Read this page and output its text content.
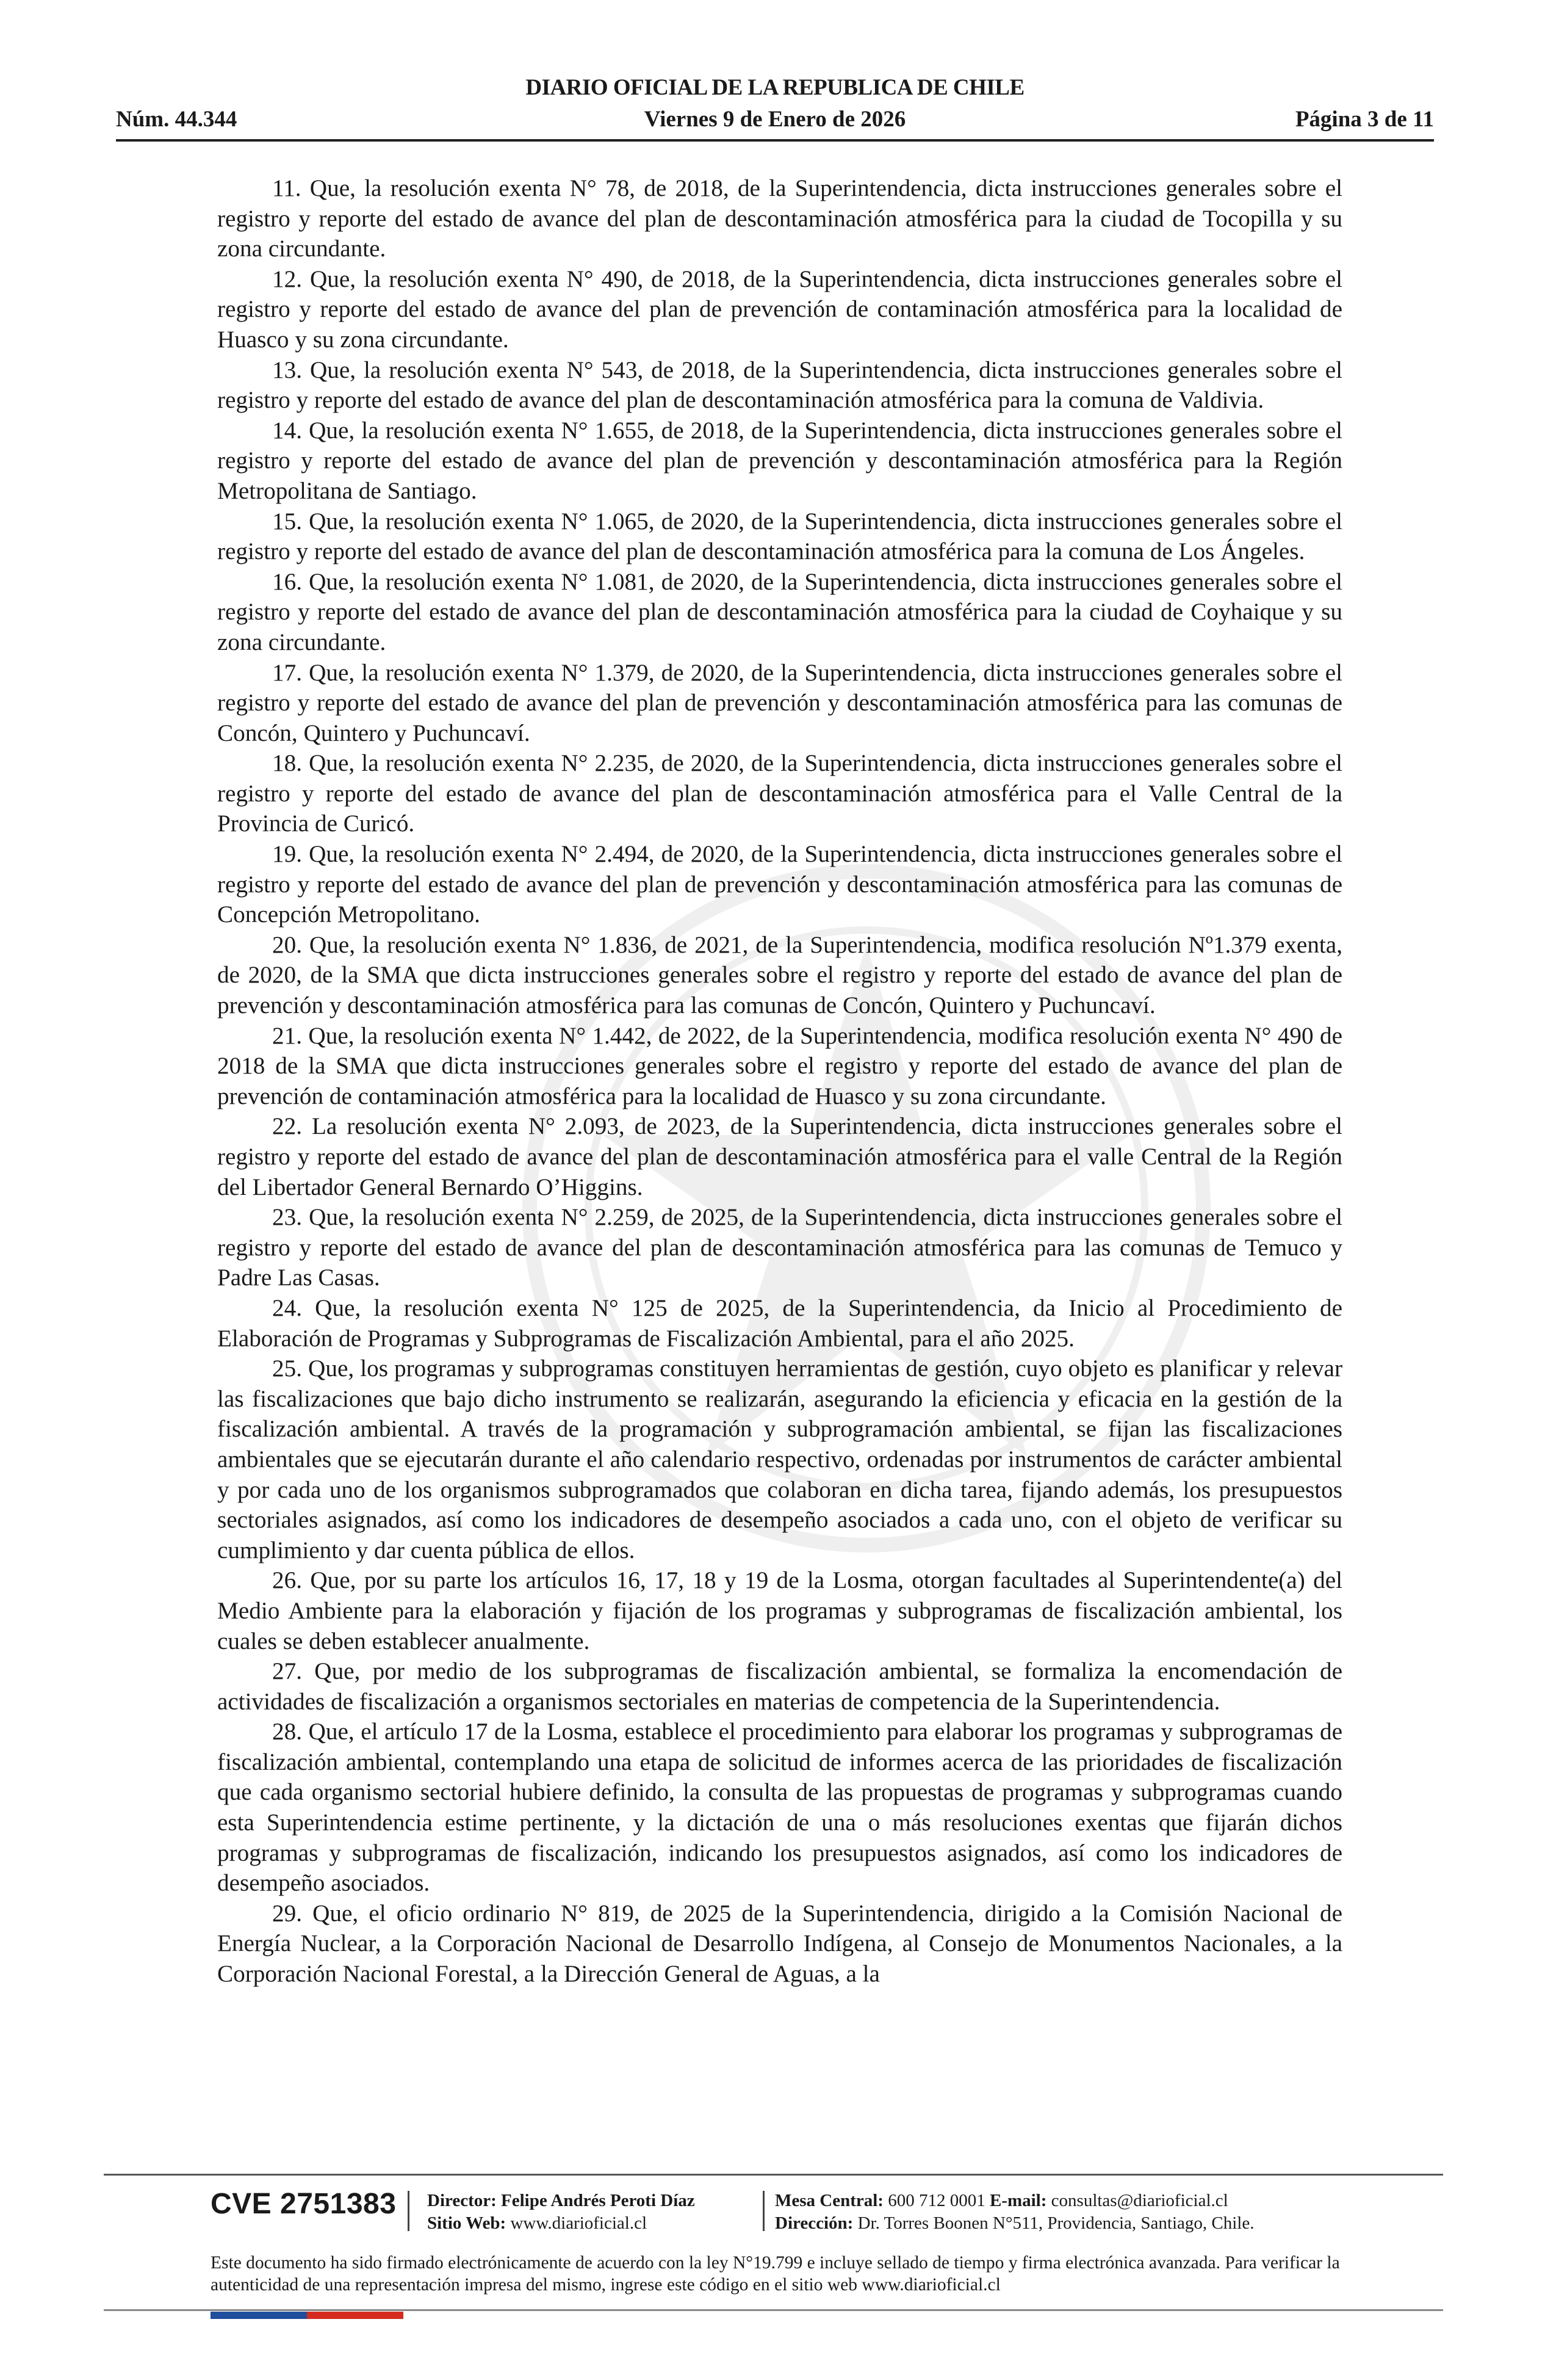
Núm. 44.344
DIARIO OFICIAL DE LA REPUBLICA DE CHILE
Viernes 9 de Enero de 2026	Página 3 de 11

11. Que, la resolución exenta N° 78, de 2018, de la Superintendencia, dicta instrucciones generales sobre el registro y reporte del estado de avance del plan de descontaminación atmosférica para la ciudad de Tocopilla y su zona circundante.

12. Que, la resolución exenta N° 490, de 2018, de la Superintendencia, dicta instrucciones generales sobre el registro y reporte del estado de avance del plan de prevención de contaminación atmosférica para la localidad de Huasco y su zona circundante.

13. Que, la resolución exenta N° 543, de 2018, de la Superintendencia, dicta instrucciones generales sobre el registro y reporte del estado de avance del plan de descontaminación atmosférica para la comuna de Valdivia.

14. Que, la resolución exenta N° 1.655, de 2018, de la Superintendencia, dicta instrucciones generales sobre el registro y reporte del estado de avance del plan de prevención y descontaminación atmosférica para la Región Metropolitana de Santiago.

15. Que, la resolución exenta N° 1.065, de 2020, de la Superintendencia, dicta instrucciones generales sobre el registro y reporte del estado de avance del plan de descontaminación atmosférica para la comuna de Los Ángeles.

16. Que, la resolución exenta N° 1.081, de 2020, de la Superintendencia, dicta instrucciones generales sobre el registro y reporte del estado de avance del plan de descontaminación atmosférica para la ciudad de Coyhaique y su zona circundante.

17. Que, la resolución exenta N° 1.379, de 2020, de la Superintendencia, dicta instrucciones generales sobre el registro y reporte del estado de avance del plan de prevención y descontaminación atmosférica para las comunas de Concón, Quintero y Puchuncaví.

18. Que, la resolución exenta N° 2.235, de 2020, de la Superintendencia, dicta instrucciones generales sobre el registro y reporte del estado de avance del plan de descontaminación atmosférica para el Valle Central de la Provincia de Curicó.

19. Que, la resolución exenta N° 2.494, de 2020, de la Superintendencia, dicta instrucciones generales sobre el registro y reporte del estado de avance del plan de prevención y descontaminación atmosférica para las comunas de Concepción Metropolitano.

20. Que, la resolución exenta N° 1.836, de 2021, de la Superintendencia, modifica resolución Nº1.379 exenta, de 2020, de la SMA que dicta instrucciones generales sobre el registro y reporte del estado de avance del plan de prevención y descontaminación atmosférica para las comunas de Concón, Quintero y Puchuncaví.

21. Que, la resolución exenta N° 1.442, de 2022, de la Superintendencia, modifica resolución exenta N° 490 de 2018 de la SMA que dicta instrucciones generales sobre el registro y reporte del estado de avance del plan de prevención de contaminación atmosférica para la localidad de Huasco y su zona circundante.

22. La resolución exenta N° 2.093, de 2023, de la Superintendencia, dicta instrucciones generales sobre el registro y reporte del estado de avance del plan de descontaminación atmosférica para el valle Central de la Región del Libertador General Bernardo O’Higgins.

23. Que, la resolución exenta N° 2.259, de 2025, de la Superintendencia, dicta instrucciones generales sobre el registro y reporte del estado de avance del plan de descontaminación atmosférica para las comunas de Temuco y Padre Las Casas.

24. Que, la resolución exenta N° 125 de 2025, de la Superintendencia, da Inicio al Procedimiento de Elaboración de Programas y Subprogramas de Fiscalización Ambiental, para el año 2025.

25. Que, los programas y subprogramas constituyen herramientas de gestión, cuyo objeto es planificar y relevar las fiscalizaciones que bajo dicho instrumento se realizarán, asegurando la eficiencia y eficacia en la gestión de la fiscalización ambiental. A través de la programación y subprogramación ambiental, se fijan las fiscalizaciones ambientales que se ejecutarán durante el año calendario respectivo, ordenadas por instrumentos de carácter ambiental y por cada uno de los organismos subprogramados que colaboran en dicha tarea, fijando además, los presupuestos sectoriales asignados, así como los indicadores de desempeño asociados a cada uno, con el objeto de verificar su cumplimiento y dar cuenta pública de ellos.

26. Que, por su parte los artículos 16, 17, 18 y 19 de la Losma, otorgan facultades al Superintendente(a) del Medio Ambiente para la elaboración y fijación de los programas y subprogramas de fiscalización ambiental, los cuales se deben establecer anualmente.

27. Que, por medio de los subprogramas de fiscalización ambiental, se formaliza la encomendación de actividades de fiscalización a organismos sectoriales en materias de competencia de la Superintendencia.

28. Que, el artículo 17 de la Losma, establece el procedimiento para elaborar los programas y subprogramas de fiscalización ambiental, contemplando una etapa de solicitud de informes acerca de las prioridades de fiscalización que cada organismo sectorial hubiere definido, la consulta de las propuestas de programas y subprogramas cuando esta Superintendencia estime pertinente, y la dictación de una o más resoluciones exentas que fijarán dichos programas y subprogramas de fiscalización, indicando los presupuestos asignados, así como los indicadores de desempeño asociados.

29. Que, el oficio ordinario N° 819, de 2025 de la Superintendencia, dirigido a la Comisión Nacional de Energía Nuclear, a la Corporación Nacional de Desarrollo Indígena, al Consejo de Monumentos Nacionales, a la Corporación Nacional Forestal, a la Dirección General de Aguas, a la

CVE 2751383 Director: Felipe Andrés Peroti Díaz
Sitio Web: www.diarioficial.cl
Mesa Central: 600 712 0001 E-mail: consultas@diarioficial.cl
Dirección: Dr. Torres Boonen N°511, Providencia, Santiago, Chile.
Este documento ha sido firmado electrónicamente de acuerdo con la ley N°19.799 e incluye sellado de tiempo y firma electrónica avanzada. Para verificar la autenticidad de una representación impresa del mismo, ingrese este código en el sitio web www.diarioficial.cl
